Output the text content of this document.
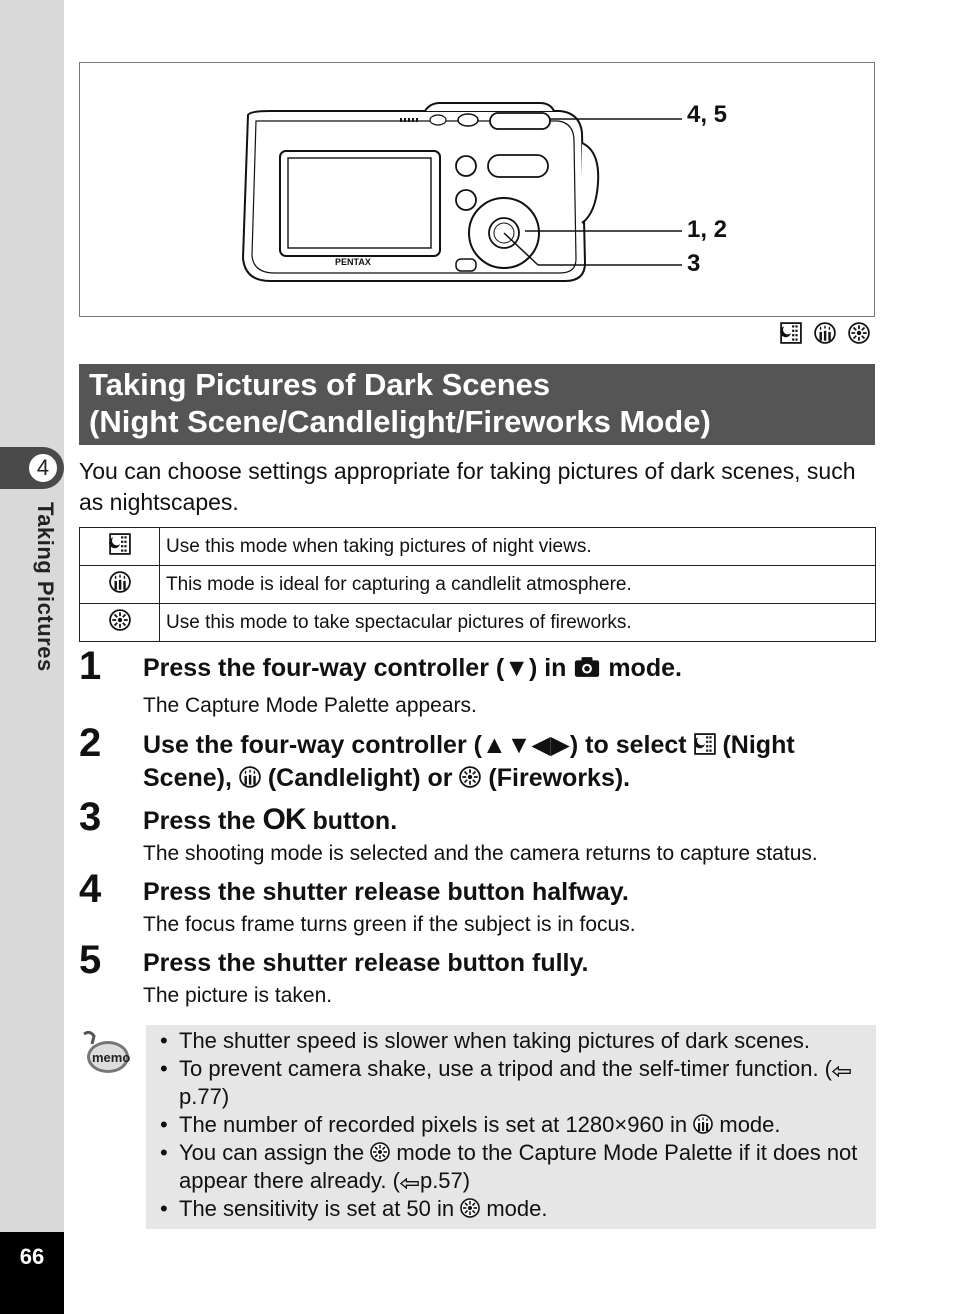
4
Taking Pictures
66
PENTAX
4, 5
1, 2
3
Taking Pictures of Dark Scenes
(Night Scene/Candlelight/Fireworks Mode)
You can choose settings appropriate for taking pictures of dark scenes, such as nightscapes.
	Use this mode when taking pictures of night views.
	This mode is ideal for capturing a candlelit atmosphere.
	Use this mode to take spectacular pictures of fireworks.
1 Press the four-way controller (▼) in  mode.
The Capture Mode Palette appears.
2 Use the four-way controller (▲▼◀▶) to select  (Night Scene),  (Candlelight) or  (Fireworks).
3 Press the OK button.
The shooting mode is selected and the camera returns to capture status.
4 Press the shutter release button halfway.
The focus frame turns green if the subject is in focus.
5 Press the shutter release button fully.
The picture is taken.
memo
• The shutter speed is slower when taking pictures of dark scenes.
• To prevent camera shake, use a tripod and the self-timer function. (p.77)
• The number of recorded pixels is set at 1280×960 in  mode.
• You can assign the  mode to the Capture Mode Palette if it does not appear there already. ( p.57)
• The sensitivity is set at 50 in  mode.
